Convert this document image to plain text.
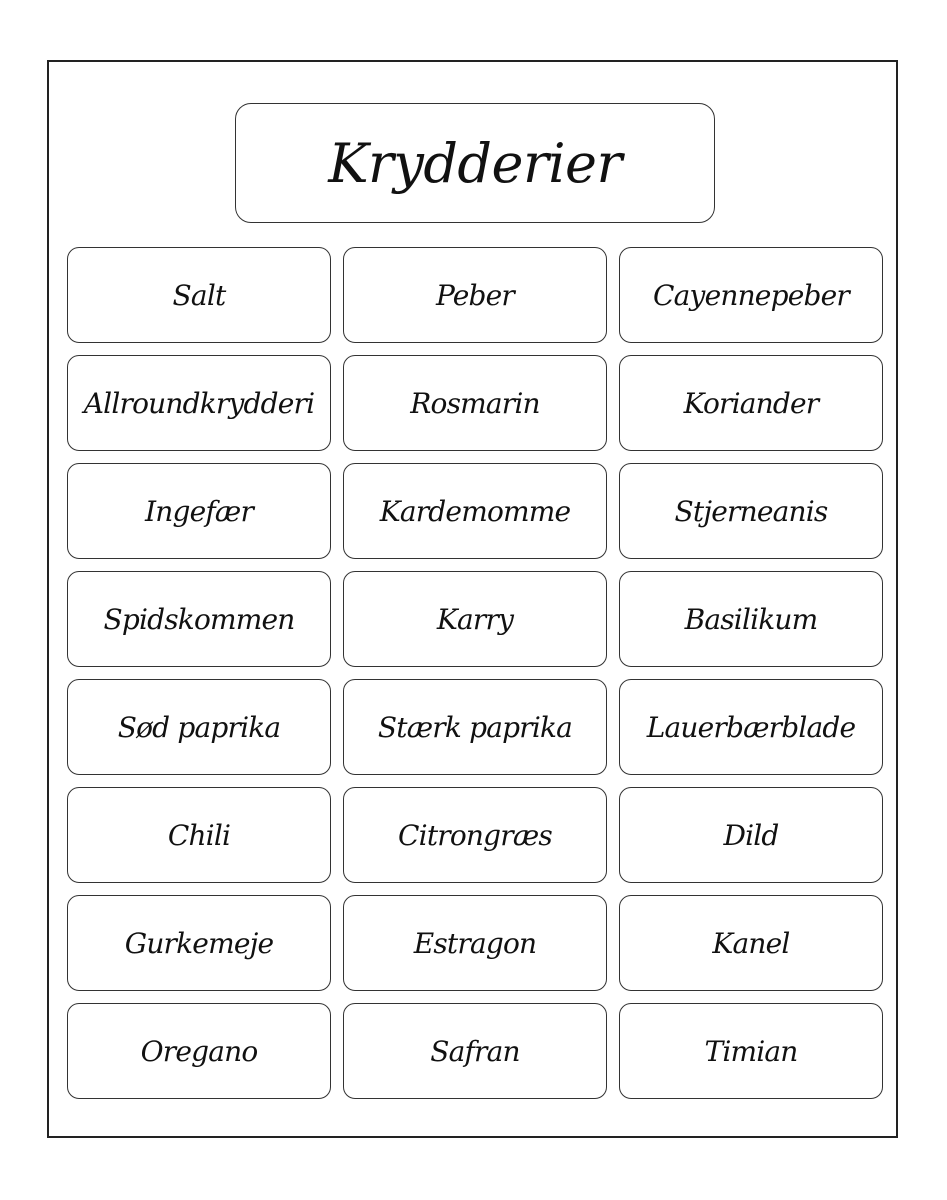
Krydderier
Salt	Peber	Cayennepeber
Allroundkrydderi	Rosmarin	Koriander
Ingefær	Kardemomme	Stjerneanis
Spidskommen	Karry	Basilikum
Sød paprika	Stærk paprika	Lauerbærblade
Chili	Citrongræs	Dild
Gurkemeje	Estragon	Kanel
Oregano	Safran	Timian
